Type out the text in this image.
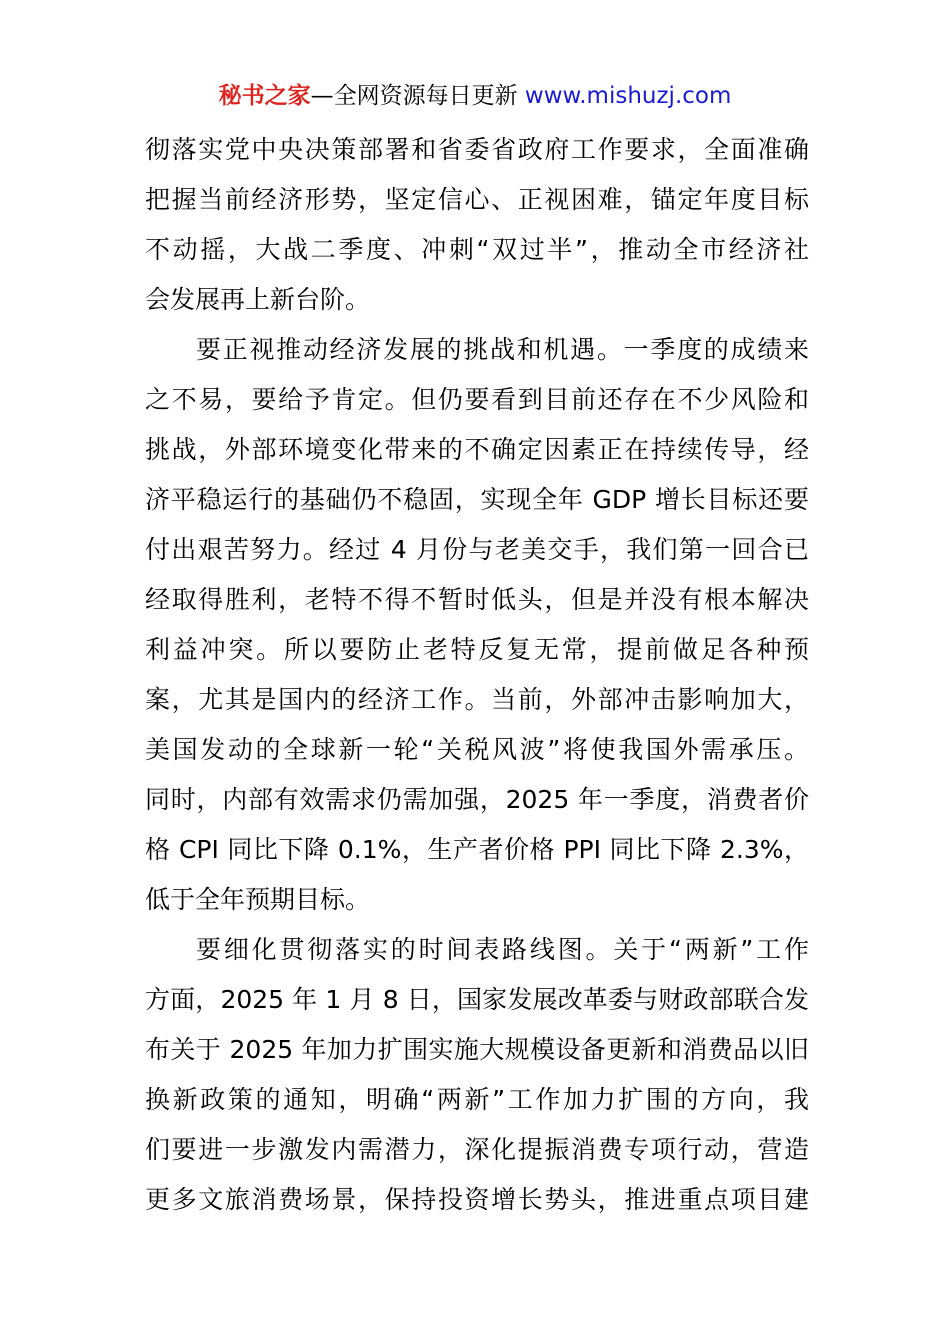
秘书之家—全网资源每日更新 www.mishuzj.com
彻落实党中央决策部署和省委省政府工作要求，全面准确
把握当前经济形势，坚定信心、正视困难，锚定年度目标
不动摇，大战二季度、冲刺“双过半”，推动全市经济社
会发展再上新台阶。
要正视推动经济发展的挑战和机遇。一季度的成绩来
之不易，要给予肯定。但仍要看到目前还存在不少风险和
挑战，外部环境变化带来的不确定因素正在持续传导，经
济平稳运行的基础仍不稳固，实现全年 GDP 增长目标还要
付出艰苦努力。经过 4 月份与老美交手，我们第一回合已
经取得胜利，老特不得不暂时低头，但是并没有根本解决
利益冲突。所以要防止老特反复无常，提前做足各种预
案，尤其是国内的经济工作。当前，外部冲击影响加大，
美国发动的全球新一轮“关税风波”将使我国外需承压。
同时，内部有效需求仍需加强，2025 年一季度，消费者价
格 CPI 同比下降 0.1%，生产者价格 PPI 同比下降 2.3%，
低于全年预期目标。
要细化贯彻落实的时间表路线图。关于“两新”工作
方面，2025 年 1 月 8 日，国家发展改革委与财政部联合发
布关于 2025 年加力扩围实施大规模设备更新和消费品以旧
换新政策的通知，明确“两新”工作加力扩围的方向，我
们要进一步激发内需潜力，深化提振消费专项行动，营造
更多文旅消费场景，保持投资增长势头，推进重点项目建
